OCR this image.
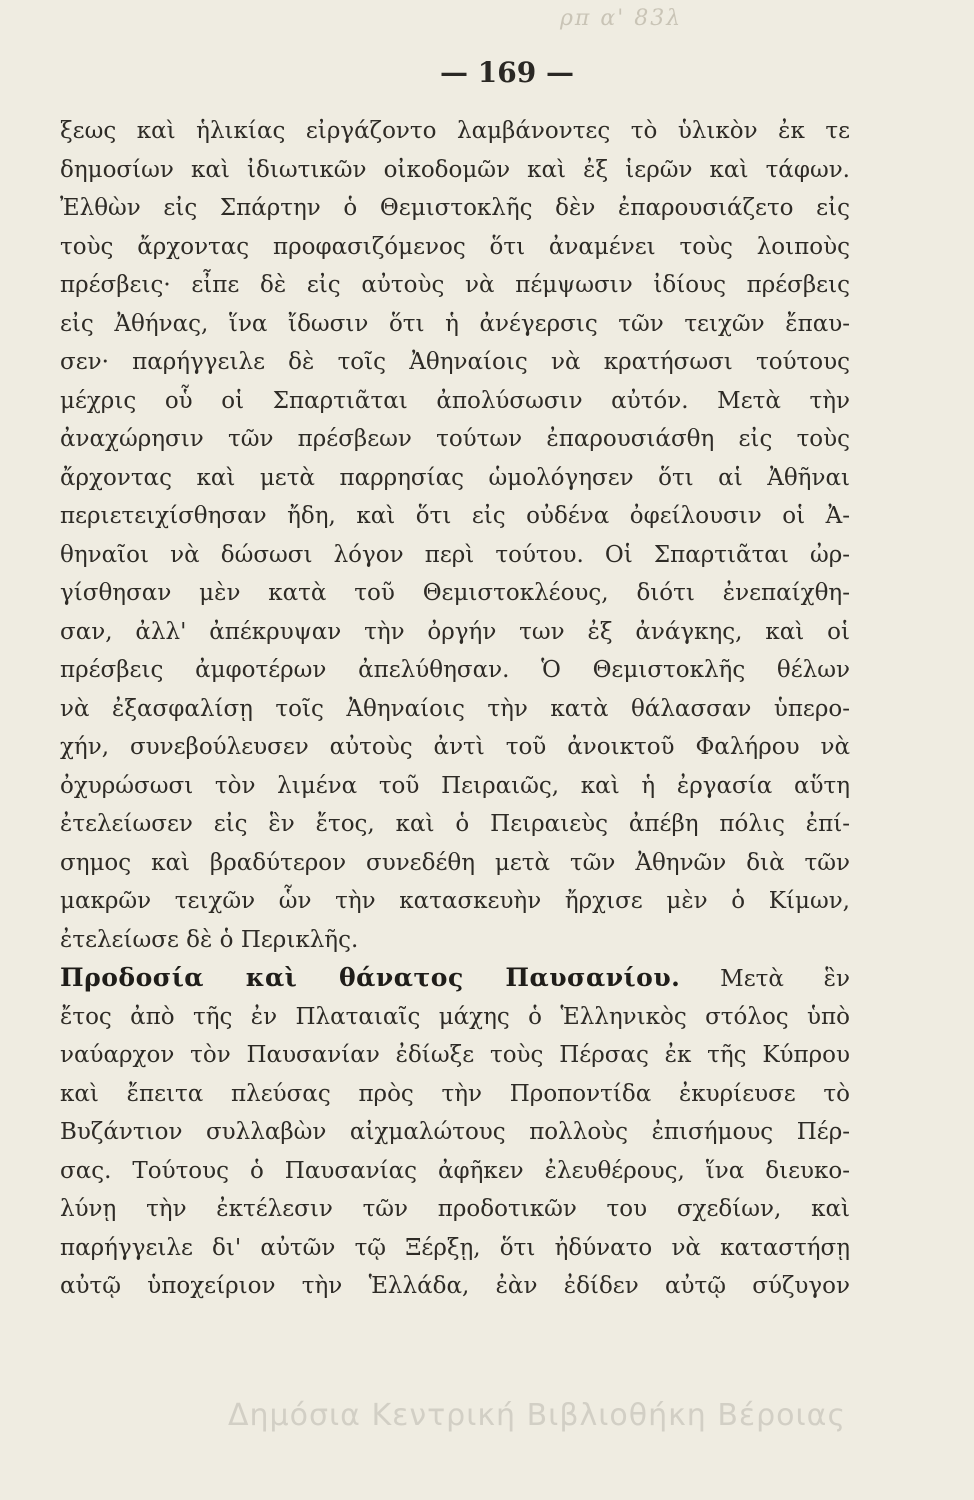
ρπ α' 83λ
— 169 —
ξεως καὶ ἡλικίας εἰργάζοντο λαμβάνοντες τὸ ὑλικὸν ἐκ τε
δημοσίων καὶ ἰδιωτικῶν οἰκοδομῶν καὶ ἐξ ἱερῶν καὶ τάφων.
Ἐλθὼν εἰς Σπάρτην ὁ Θεμιστοκλῆς δὲν ἐπαρουσιάζετο εἰς
τοὺς ἄρχοντας προφασιζόμενος ὅτι ἀναμένει τοὺς λοιποὺς
πρέσβεις· εἶπε δὲ εἰς αὐτοὺς νὰ πέμψωσιν ἰδίους πρέσβεις
εἰς Ἀθήνας, ἵνα ἴδωσιν ὅτι ἡ ἀνέγερσις τῶν τειχῶν ἔπαυ-
σεν· παρήγγειλε δὲ τοῖς Ἀθηναίοις νὰ κρατήσωσι τούτους
μέχρις οὗ οἱ Σπαρτιᾶται ἀπολύσωσιν αὐτόν. Μετὰ τὴν
ἀναχώρησιν τῶν πρέσβεων τούτων ἐπαρουσιάσθη εἰς τοὺς
ἄρχοντας καὶ μετὰ παρρησίας ὡμολόγησεν ὅτι αἱ Ἀθῆναι
περιετειχίσθησαν ἤδη, καὶ ὅτι εἰς οὐδένα ὀφείλουσιν οἱ Ἀ-
θηναῖοι νὰ δώσωσι λόγον περὶ τούτου. Οἱ Σπαρτιᾶται ὠρ-
γίσθησαν μὲν κατὰ τοῦ Θεμιστοκλέους, διότι ἐνεπαίχθη-
σαν, ἀλλ' ἀπέκρυψαν τὴν ὀργήν των ἐξ ἀνάγκης, καὶ οἱ
πρέσβεις ἀμφοτέρων ἀπελύθησαν. Ὁ Θεμιστοκλῆς θέλων
νὰ ἐξασφαλίσῃ τοῖς Ἀθηναίοις τὴν κατὰ θάλασσαν ὑπερο-
χήν, συνεβούλευσεν αὐτοὺς ἀντὶ τοῦ ἀνοικτοῦ Φαλήρου νὰ
ὀχυρώσωσι τὸν λιμένα τοῦ Πειραιῶς, καὶ ἡ ἐργασία αὕτη
ἐτελείωσεν εἰς ἓν ἔτος, καὶ ὁ Πειραιεὺς ἀπέβη πόλις ἐπί-
σημος καὶ βραδύτερον συνεδέθη μετὰ τῶν Ἀθηνῶν διὰ τῶν
μακρῶν τειχῶν ὧν τὴν κατασκευὴν ἤρχισε μὲν ὁ Κίμων,
ἐτελείωσε δὲ ὁ Περικλῆς.
Προδοσία καὶ θάνατος Παυσανίου. Μετὰ ἓν
ἔτος ἀπὸ τῆς ἐν Πλαταιαῖς μάχης ὁ Ἑλληνικὸς στόλος ὑπὸ
ναύαρχον τὸν Παυσανίαν ἐδίωξε τοὺς Πέρσας ἐκ τῆς Κύπρου
καὶ ἔπειτα πλεύσας πρὸς τὴν Προποντίδα ἐκυρίευσε τὸ
Βυζάντιον συλλαβὼν αἰχμαλώτους πολλοὺς ἐπισήμους Πέρ-
σας. Τούτους ὁ Παυσανίας ἀφῆκεν ἐλευθέρους, ἵνα διευκο-
λύνῃ τὴν ἐκτέλεσιν τῶν προδοτικῶν του σχεδίων, καὶ
παρήγγειλε δι' αὐτῶν τῷ Ξέρξῃ, ὅτι ἠδύνατο νὰ καταστήσῃ
αὐτῷ ὑποχείριον τὴν Ἑλλάδα, ἐὰν ἐδίδεν αὐτῷ σύζυγον
Δημόσια Κεντρική Βιβλιοθήκη Βέροιας
